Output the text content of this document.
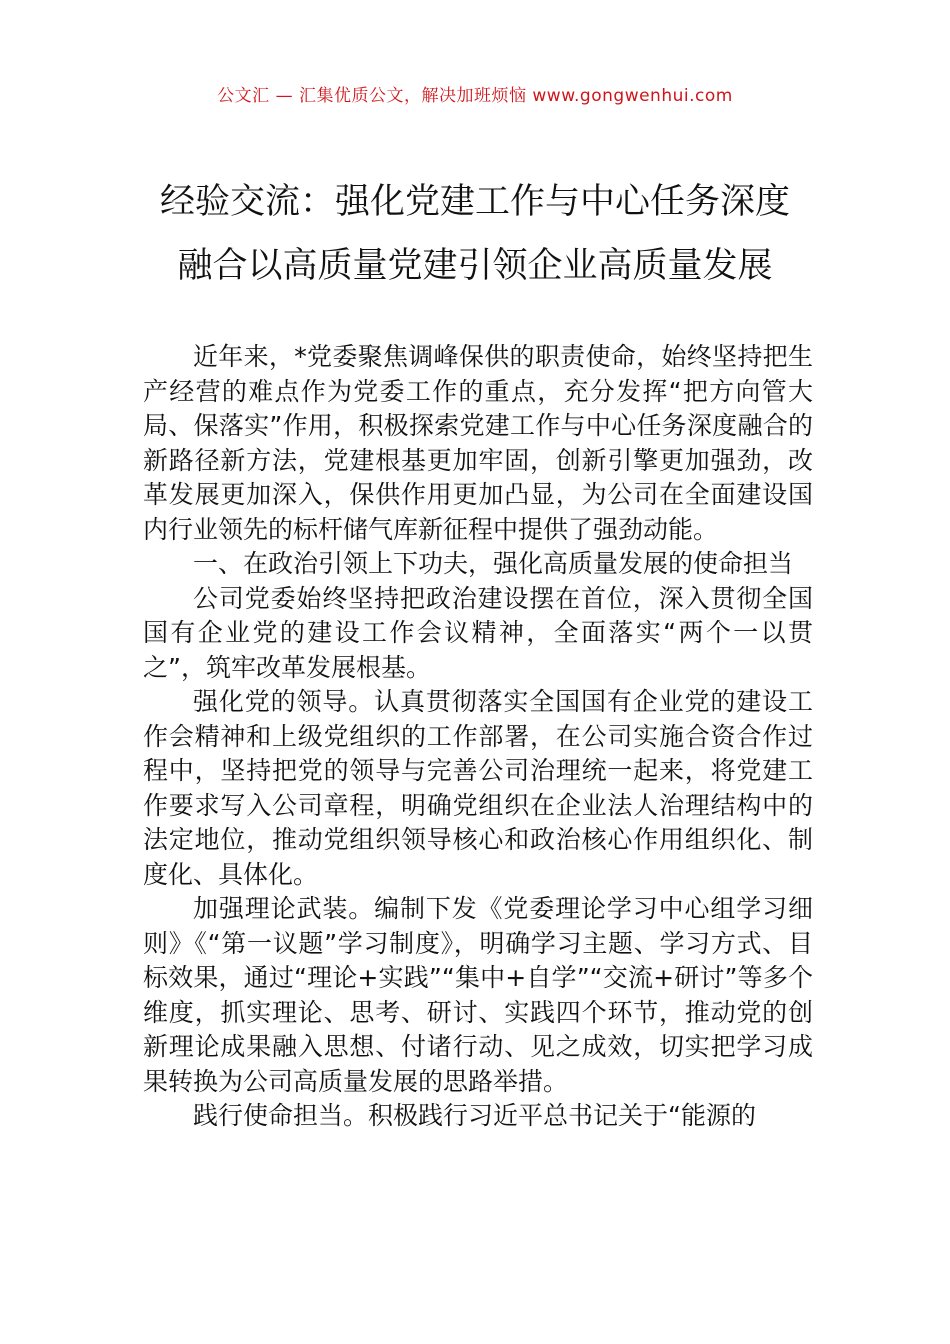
公文汇 — 汇集优质公文，解决加班烦恼 www.gongwenhui.com
经验交流：强化党建工作与中心任务深度
融合以高质量党建引领企业高质量发展

近年来，*党委聚焦调峰保供的职责使命，始终坚持把生产经营的难点作为党委工作的重点，充分发挥“把方向管大局、保落实”作用，积极探索党建工作与中心任务深度融合的新路径新方法，党建根基更加牢固，创新引擎更加强劲，改革发展更加深入，保供作用更加凸显，为公司在全面建设国内行业领先的标杆储气库新征程中提供了强劲动能。

一、在政治引领上下功夫，强化高质量发展的使命担当

公司党委始终坚持把政治建设摆在首位，深入贯彻全国国有企业党的建设工作会议精神，全面落实“两个一以贯之”，筑牢改革发展根基。

强化党的领导。认真贯彻落实全国国有企业党的建设工作会精神和上级党组织的工作部署，在公司实施合资合作过程中，坚持把党的领导与完善公司治理统一起来，将党建工作要求写入公司章程，明确党组织在企业法人治理结构中的法定地位，推动党组织领导核心和政治核心作用组织化、制度化、具体化。

加强理论武装。编制下发《党委理论学习中心组学习细则》《“第一议题”学习制度》，明确学习主题、学习方式、目标效果，通过“理论+实践”“集中+自学”“交流+研讨”等多个维度，抓实理论、思考、研讨、实践四个环节，推动党的创新理论成果融入思想、付诸行动、见之成效，切实把学习成果转换为公司高质量发展的思路举措。

践行使命担当。积极践行习近平总书记关于“能源的
